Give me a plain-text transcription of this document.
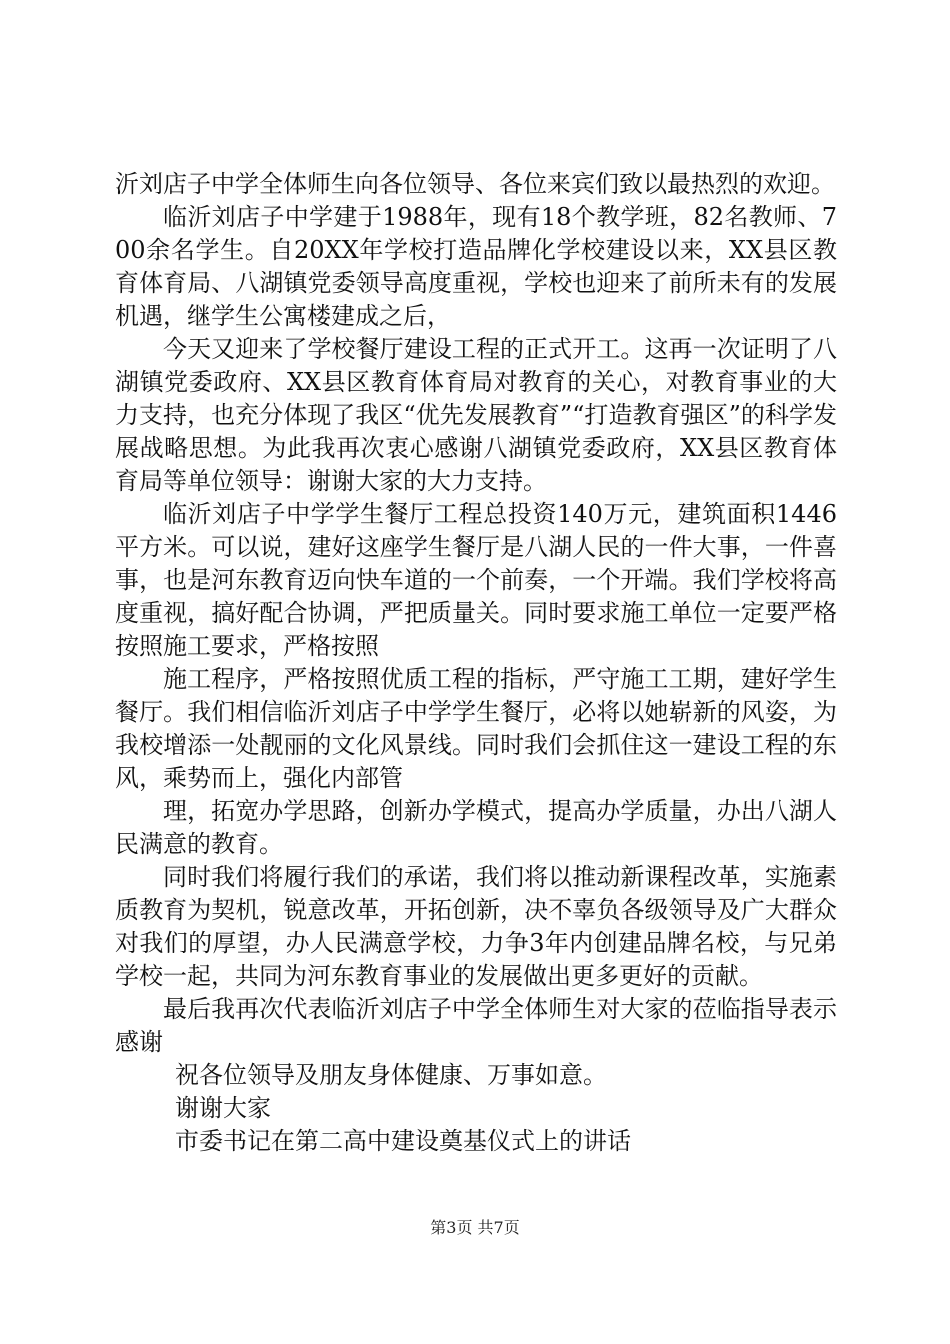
沂刘店子中学全体师生向各位领导、各位来宾们致以最热烈的欢迎。

临沂刘店子中学建于1988年，现有18个教学班，82名教师、700余名学生。自20XX年学校打造品牌化学校建设以来，XX县区教育体育局、八湖镇党委领导高度重视，学校也迎来了前所未有的发展机遇，继学生公寓楼建成之后，

今天又迎来了学校餐厅建设工程的正式开工。这再一次证明了八湖镇党委政府、XX县区教育体育局对教育的关心，对教育事业的大力支持，也充分体现了我区“优先发展教育”“打造教育强区”的科学发展战略思想。为此我再次衷心感谢八湖镇党委政府，XX县区教育体育局等单位领导：谢谢大家的大力支持。

临沂刘店子中学学生餐厅工程总投资140万元，建筑面积1446平方米。可以说，建好这座学生餐厅是八湖人民的一件大事，一件喜事，也是河东教育迈向快车道的一个前奏，一个开端。我们学校将高度重视，搞好配合协调，严把质量关。同时要求施工单位一定要严格按照施工要求，严格按照

施工程序，严格按照优质工程的指标，严守施工工期，建好学生餐厅。我们相信临沂刘店子中学学生餐厅，必将以她崭新的风姿，为我校增添一处靓丽的文化风景线。同时我们会抓住这一建设工程的东风，乘势而上，强化内部管

理，拓宽办学思路，创新办学模式，提高办学质量，办出八湖人民满意的教育。

同时我们将履行我们的承诺，我们将以推动新课程改革，实施素质教育为契机，锐意改革，开拓创新，决不辜负各级领导及广大群众对我们的厚望，办人民满意学校，力争3年内创建品牌名校，与兄弟学校一起，共同为河东教育事业的发展做出更多更好的贡献。

最后我再次代表临沂刘店子中学全体师生对大家的莅临指导表示感谢

祝各位领导及朋友身体健康、万事如意。

谢谢大家

市委书记在第二高中建设奠基仪式上的讲话

第3页 共7页
